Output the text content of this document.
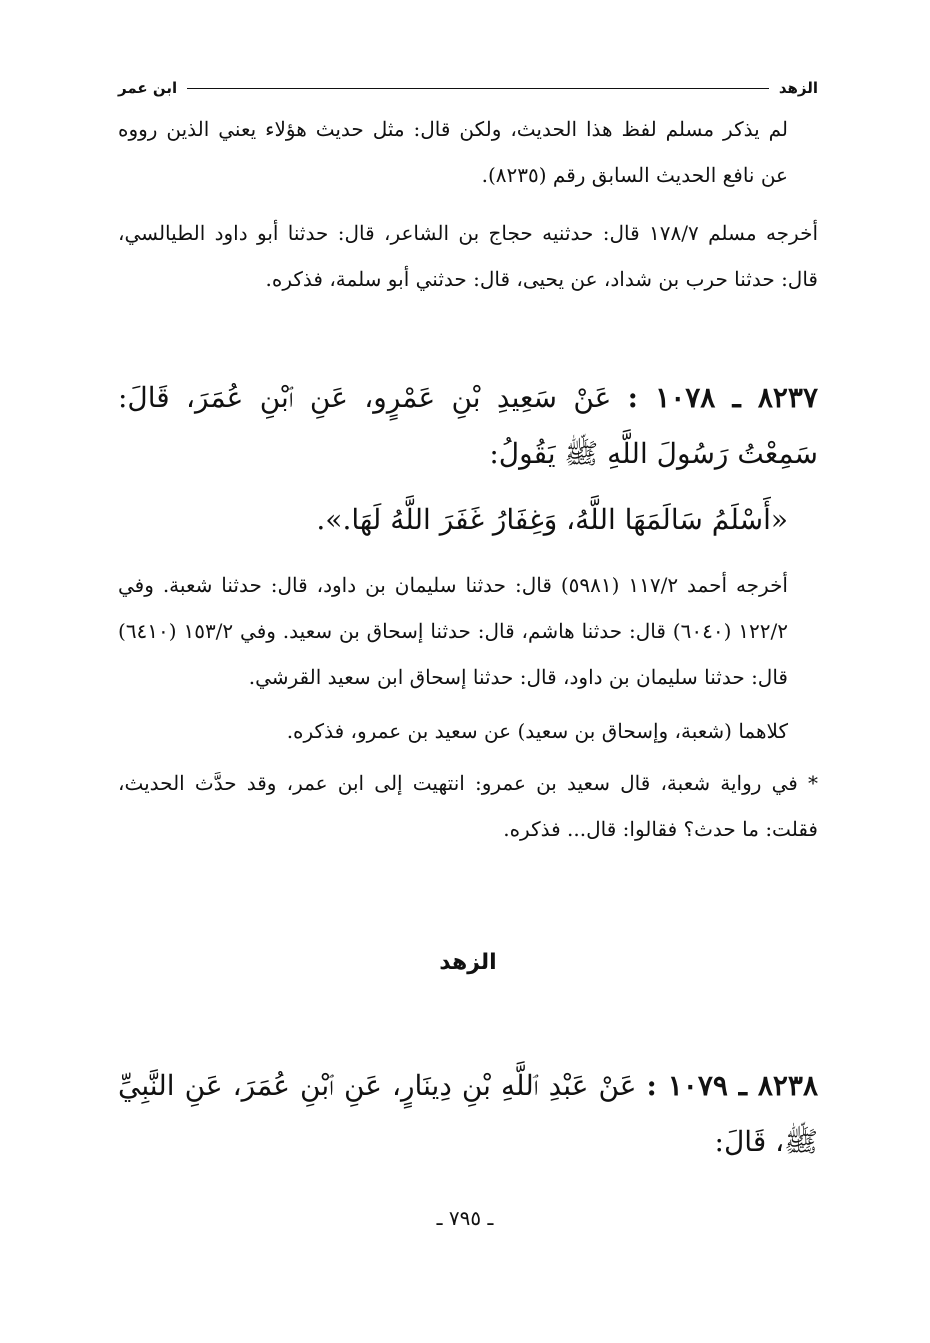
الزهد
ابن عمر

لم يذكر مسلم لفظ هذا الحديث، ولكن قال: مثل حديث هؤلاء يعني الذين رووه عن نافع الحديث السابق رقم (٨٢٣٥).

أخرجه مسلم ١٧٨/٧ قال: حدثنيه حجاج بن الشاعر، قال: حدثنا أبو داود الطيالسي، قال: حدثنا حرب بن شداد، عن يحيى، قال: حدثني أبو سلمة، فذكره.

٨٢٣٧ ـ ١٠٧٨ : عَنْ سَعِيدِ بْنِ عَمْرٍو، عَنِ ٱبْنِ عُمَرَ، قَالَ: سَمِعْتُ رَسُولَ اللَّهِ ﷺ يَقُولُ:

«أَسْلَمُ سَالَمَهَا اللَّهُ، وَغِفَارُ غَفَرَ اللَّهُ لَهَا.».

أخرجه أحمد ١١٧/٢ (٥٩٨١) قال: حدثنا سليمان بن داود، قال: حدثنا شعبة. وفي ١٢٢/٢ (٦٠٤٠) قال: حدثنا هاشم، قال: حدثنا إسحاق بن سعيد. وفي ١٥٣/٢ (٦٤١٠) قال: حدثنا سليمان بن داود، قال: حدثنا إسحاق ابن سعيد القرشي.

كلاهما (شعبة، وإسحاق بن سعيد) عن سعيد بن عمرو، فذكره.

* في رواية شعبة، قال سعيد بن عمرو: انتهيت إلى ابن عمر، وقد حدَّث الحديث، فقلت: ما حدث؟ فقالوا: قال... فذكره.

الزهد

٨٢٣٨ ـ ١٠٧٩ : عَنْ عَبْدِ ٱللَّهِ بْنِ دِينَارٍ، عَنِ ٱبْنِ عُمَرَ، عَنِ النَّبِيِّ ﷺ، قَالَ:

ـ ٧٩٥ ـ
